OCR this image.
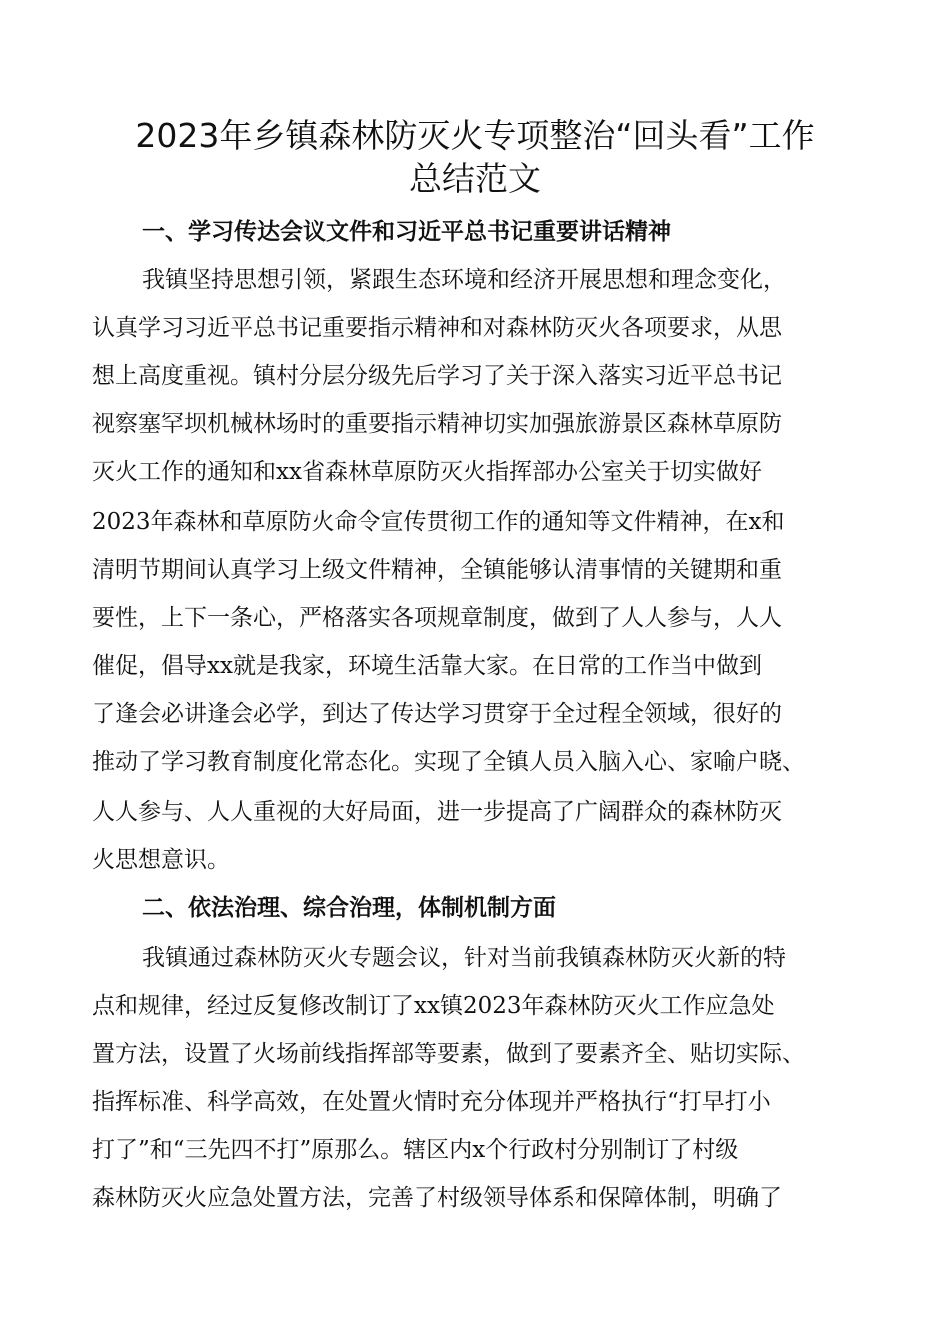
2023年乡镇森林防灭火专项整治“回头看”工作
总结范文
一、学习传达会议文件和习近平总书记重要讲话精神

我镇坚持思想引领，紧跟生态环境和经济开展思想和理念变化，

认真学习习近平总书记重要指示精神和对森林防灭火各项要求，从思

想上高度重视。镇村分层分级先后学习了关于深入落实习近平总书记

视察塞罕坝机械林场时的重要指示精神切实加强旅游景区森林草原防

灭火工作的通知和xx省森林草原防灭火指挥部办公室关于切实做好

2023年森林和草原防火命令宣传贯彻工作的通知等文件精神，在x和

清明节期间认真学习上级文件精神，全镇能够认清事情的关键期和重

要性，上下一条心，严格落实各项规章制度，做到了人人参与，人人

催促，倡导xx就是我家，环境生活靠大家。在日常的工作当中做到

了逢会必讲逢会必学，到达了传达学习贯穿于全过程全领域，很好的

推动了学习教育制度化常态化。实现了全镇人员入脑入心、家喻户晓、

人人参与、人人重视的大好局面，进一步提高了广阔群众的森林防灭

火思想意识。

二、依法治理、综合治理，体制机制方面

我镇通过森林防灭火专题会议，针对当前我镇森林防灭火新的特

点和规律，经过反复修改制订了xx镇2023年森林防灭火工作应急处

置方法，设置了火场前线指挥部等要素，做到了要素齐全、贴切实际、

指挥标准、科学高效，在处置火情时充分体现并严格执行“打早打小

打了”和“三先四不打”原那么。辖区内x个行政村分别制订了村级

森林防灭火应急处置方法，完善了村级领导体系和保障体制，明确了
